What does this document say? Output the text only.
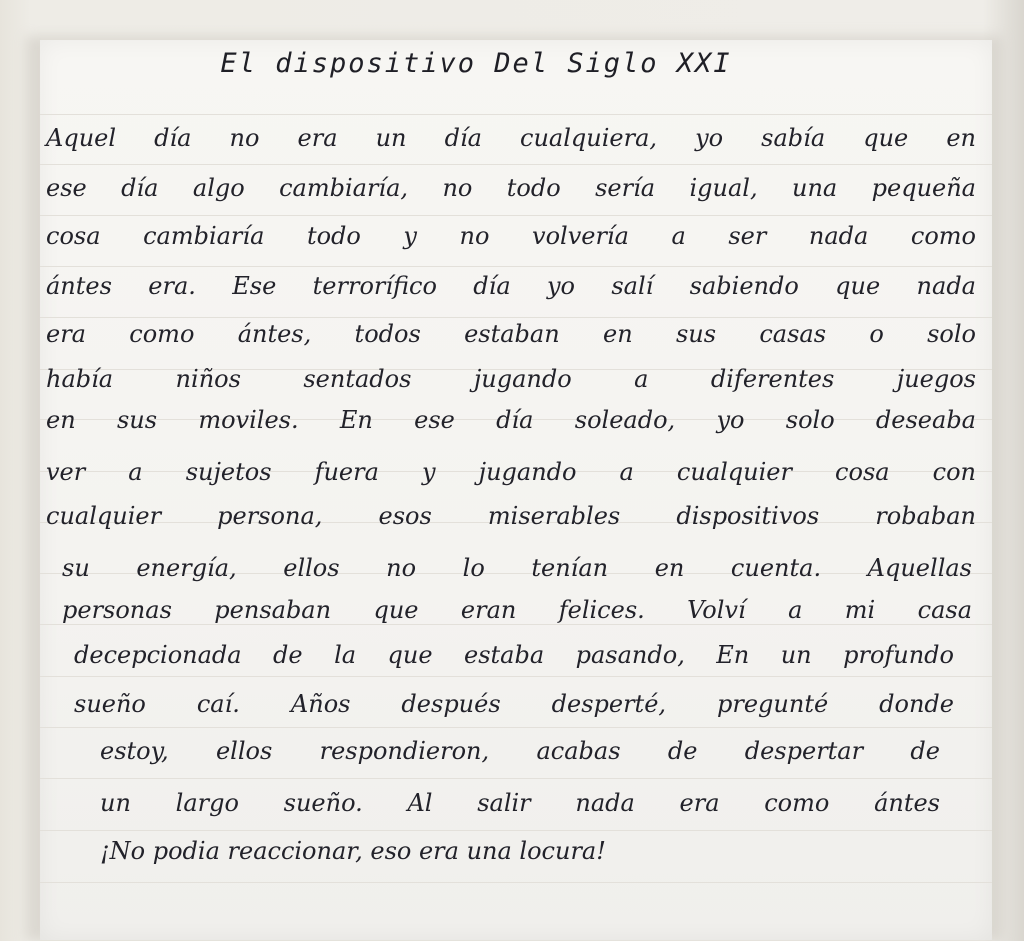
El dispositivo Del Siglo XXI
Aquel día no era un día cualquiera, yo sabía que en
ese día algo cambiaría, no todo sería igual, una pequeña
cosa cambiaría todo y no volvería a ser nada como
ántes era. Ese terrorífico día yo salí sabiendo que nada
era como ántes, todos estaban en sus casas o solo
había niños sentados jugando a diferentes juegos
en sus moviles. En ese día soleado, yo solo deseaba
ver a sujetos fuera y jugando a cualquier cosa con
cualquier persona, esos miserables dispositivos robaban
su energía, ellos no lo tenían en cuenta. Aquellas
personas pensaban que eran felices. Volví a mi casa
decepcionada de la que estaba pasando, En un profundo
sueño caí. Años después desperté, pregunté donde
estoy, ellos respondieron, acabas de despertar de
un largo sueño. Al salir nada era como ántes
¡No podia reaccionar, eso era una locura!
